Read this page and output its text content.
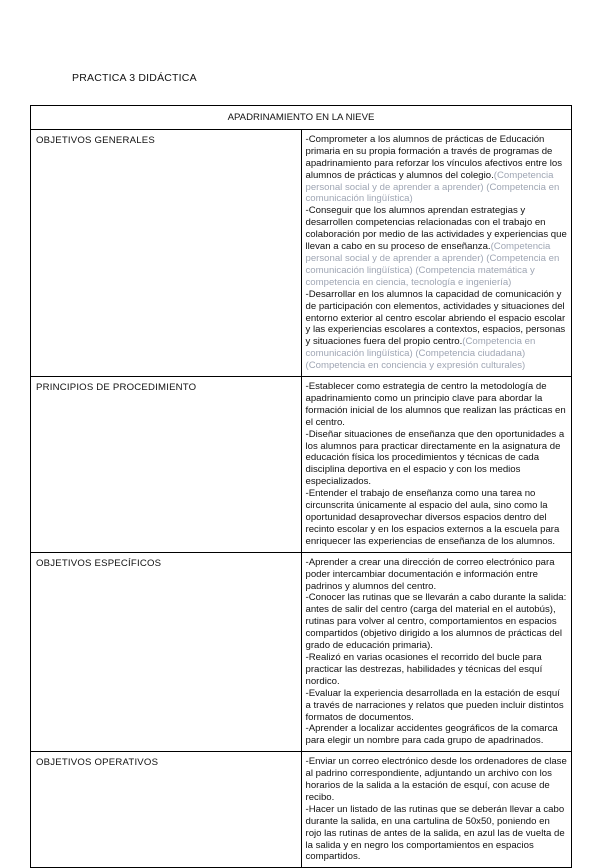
PRACTICA 3 DIDÁCTICA
APADRINAMIENTO EN LA NIEVE	
OBJETIVOS GENERALES	-Comprometer a los alumnos de prácticas de Educación primaria en su propia formación a través de programas de apadrinamiento para reforzar los vínculos afectivos entre los alumnos de prácticas y alumnos del colegio.(Competencia personal social y de aprender a aprender) (Competencia en comunicación lingüística)
-Conseguir que los alumnos aprendan estrategias y desarrollen competencias relacionadas con el trabajo en colaboración por medio de las actividades y experiencias que llevan a cabo en su proceso de enseñanza.(Competencia personal social y de aprender a aprender) (Competencia en comunicación lingüística) (Competencia matemática y competencia en ciencia, tecnología e ingeniería)
-Desarrollar en los alumnos la capacidad de comunicación y de participación con elementos, actividades y situaciones del entorno exterior al centro escolar abriendo el espacio escolar y las experiencias escolares a contextos, espacios, personas y situaciones fuera del propio centro.(Competencia en comunicación lingüística) (Competencia ciudadana) (Competencia en conciencia y expresión culturales)

PRINCIPIOS DE PROCEDIMIENTO	-Establecer como estrategia de centro la metodología de apadrinamiento como un principio clave para abordar la formación inicial de los alumnos que realizan las prácticas en el centro.
-Diseñar situaciones de enseñanza que den oportunidades a los alumnos para practicar directamente en la asignatura de educación física los procedimientos y técnicas de cada disciplina deportiva en el espacio y con los medios especializados.
-Entender el trabajo de enseñanza como una tarea no circunscrita únicamente al espacio del aula, sino como la oportunidad desaprovechar diversos espacios dentro del recinto escolar y en los espacios externos a la escuela para enriquecer las experiencias de enseñanza de los alumnos.

OBJETIVOS ESPECÍFICOS	-Aprender a crear una dirección de correo electrónico para poder intercambiar documentación e información entre padrinos y alumnos del centro.
-Conocer las rutinas que se llevarán a cabo durante la salida: antes de salir del centro (carga del material en el autobús), rutinas para volver al centro, comportamientos en espacios compartidos (objetivo dirigido a los alumnos de prácticas del grado de educación primaria).
-Realizó en varias ocasiones el recorrido del bucle para practicar las destrezas, habilidades y técnicas del esquí nordico.
-Evaluar la experiencia desarrollada en la estación de esquí a través de narraciones y relatos que pueden incluir distintos formatos de documentos.
-Aprender a localizar accidentes geográficos de la comarca para elegir un nombre para cada grupo de apadrinados.

OBJETIVOS OPERATIVOS	-Enviar un correo electrónico desde los ordenadores de clase al padrino correspondiente, adjuntando un archivo con los horarios de la salida a la estación de esquí, con acuse de recibo.
-Hacer un listado de las rutinas que se deberán llevar a cabo durante la salida, en una cartulina de 50x50, poniendo en rojo las rutinas de antes de la salida, en azul las de vuelta de la salida y en negro los comportamientos en espacios compartidos.
